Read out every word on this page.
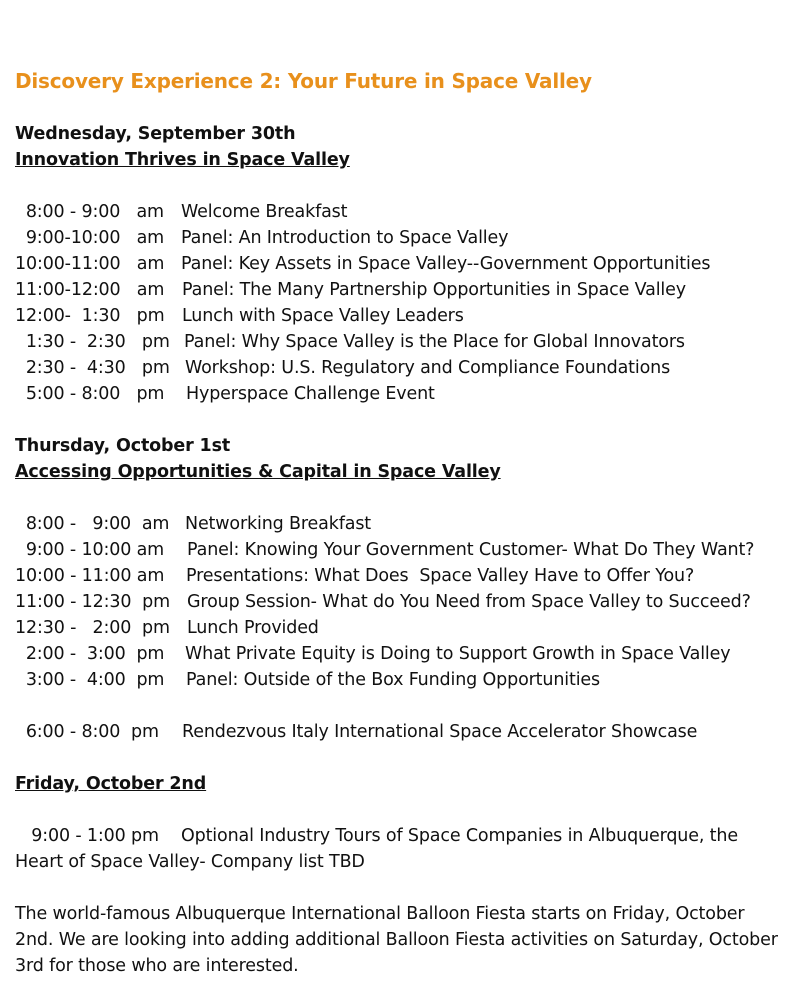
Discovery Experience 2: Your Future in Space Valley
Wednesday, September 30th
Innovation Thrives in Space Valley
8:00 - 9:00   am Welcome Breakfast
9:00-10:00   am Panel: An Introduction to Space Valley
10:00-11:00   am Panel: Key Assets in Space Valley--Government Opportunities
11:00-12:00   am Panel: The Many Partnership Opportunities in Space Valley
12:00-  1:30   pm Lunch with Space Valley Leaders
1:30 -  2:30   pm Panel: Why Space Valley is the Place for Global Innovators
2:30 -  4:30   pm Workshop: U.S. Regulatory and Compliance Foundations
5:00 - 8:00   pm Hyperspace Challenge Event
Thursday, October 1st
Accessing Opportunities & Capital in Space Valley
8:00 -   9:00  am Networking Breakfast
9:00 - 10:00 am Panel: Knowing Your Government Customer- What Do They Want?
10:00 - 11:00 am Presentations: What Does  Space Valley Have to Offer You?
11:00 - 12:30  pm Group Session- What do You Need from Space Valley to Succeed?
12:30 -   2:00  pm Lunch Provided
2:00 -  3:00  pm What Private Equity is Doing to Support Growth in Space Valley
3:00 -  4:00  pm Panel: Outside of the Box Funding Opportunities
6:00 - 8:00  pm Rendezvous Italy International Space Accelerator Showcase
Friday, October 2nd

9:00 - 1:00 pm Optional Industry Tours of Space Companies in Albuquerque, the Heart of Space Valley- Company list TBD

The world-famous Albuquerque International Balloon Fiesta starts on Friday, October 2nd. We are looking into adding additional Balloon Fiesta activities on Saturday, October 3rd for those who are interested.
